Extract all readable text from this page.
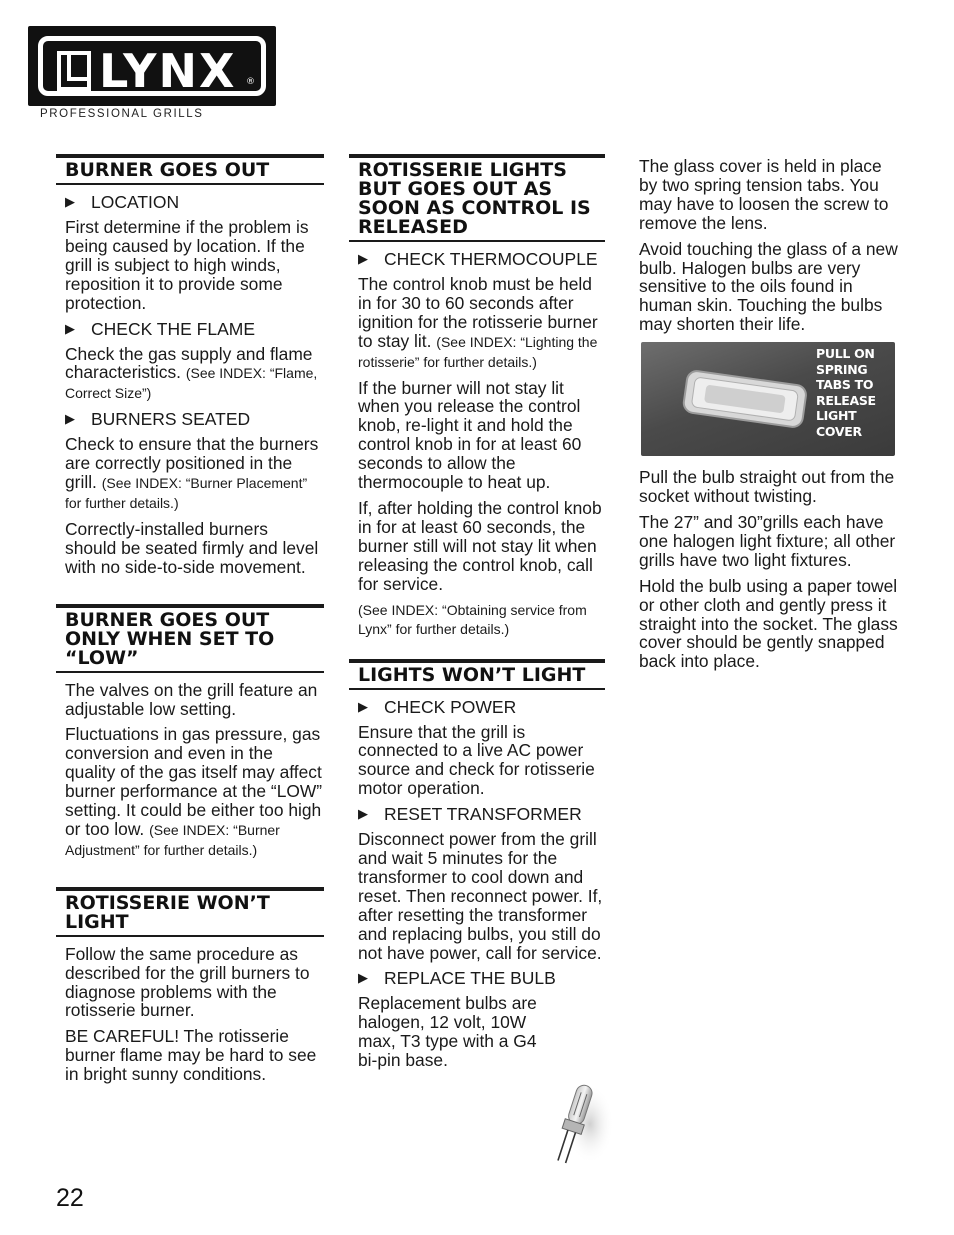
LYNX ®
PROFESSIONAL GRILLS
BURNER GOES OUT
▶ LOCATION

First determine if the problem is being caused by location. If the grill is subject to high winds, reposition it to provide some protection.

▶ CHECK THE FLAME

Check the gas supply and flame characteristics. (See INDEX: “Flame, Correct Size”)

▶ BURNERS SEATED

Check to ensure that the burners are correctly positioned in the grill. (See INDEX: “Burner Placement” for further details.)

Correctly-installed burners should be seated firmly and level with no side-to-side movement.

BURNER GOES OUT ONLY WHEN SET TO “LOW”

The valves on the grill feature an adjustable low setting.

Fluctuations in gas pressure, gas conversion and even in the quality of the gas itself may affect burner performance at the “LOW” setting. It could be either too high or too low. (See INDEX: “Burner Adjustment” for further details.)

ROTISSERIE WON’T LIGHT

Follow the same procedure as described for the grill burners to diagnose problems with the rotisserie burner.

BE CAREFUL! The rotisserie burner flame may be hard to see in bright sunny conditions.

ROTISSERIE LIGHTS BUT GOES OUT AS SOON AS CONTROL IS RELEASED
▶ CHECK THERMOCOUPLE

The control knob must be held in for 30 to 60 seconds after ignition for the rotisserie burner to stay lit. (See INDEX: “Lighting the rotisserie” for further details.)

If the burner will not stay lit when you release the control knob, re-light it and hold the control knob in for at least 60 seconds to allow the thermocouple to heat up.

If, after holding the control knob in for at least 60 seconds, the burner still will not stay lit when releasing the control knob, call for service.

(See INDEX: “Obtaining service from Lynx” for further details.)

LIGHTS WON’T LIGHT
▶ CHECK POWER

Ensure that the grill is connected to a live AC power source and check for rotisserie motor operation.

▶ RESET TRANSFORMER

Disconnect power from the grill and wait 5 minutes for the transformer to cool down and reset. Then reconnect power. If, after resetting the transformer and replacing bulbs, you still do not have power, call for service.

▶ REPLACE THE BULB

Replacement bulbs are halogen, 12 volt, 10W max, T3 type with a G4 bi-pin base.

The glass cover is held in place by two spring tension tabs. You may have to loosen the screw to remove the lens.

Avoid touching the glass of a new bulb. Halogen bulbs are very sensitive to the oils found in human skin. Touching the bulbs may shorten their life.

PULL ON SPRING TABS TO RELEASE LIGHT COVER

Pull the bulb straight out from the socket without twisting.

The 27” and 30”grills each have one halogen light fixture; all other grills have two light fixtures.

Hold the bulb using a paper towel or other cloth and gently press it straight into the socket. The glass cover should be gently snapped back into place.

22
